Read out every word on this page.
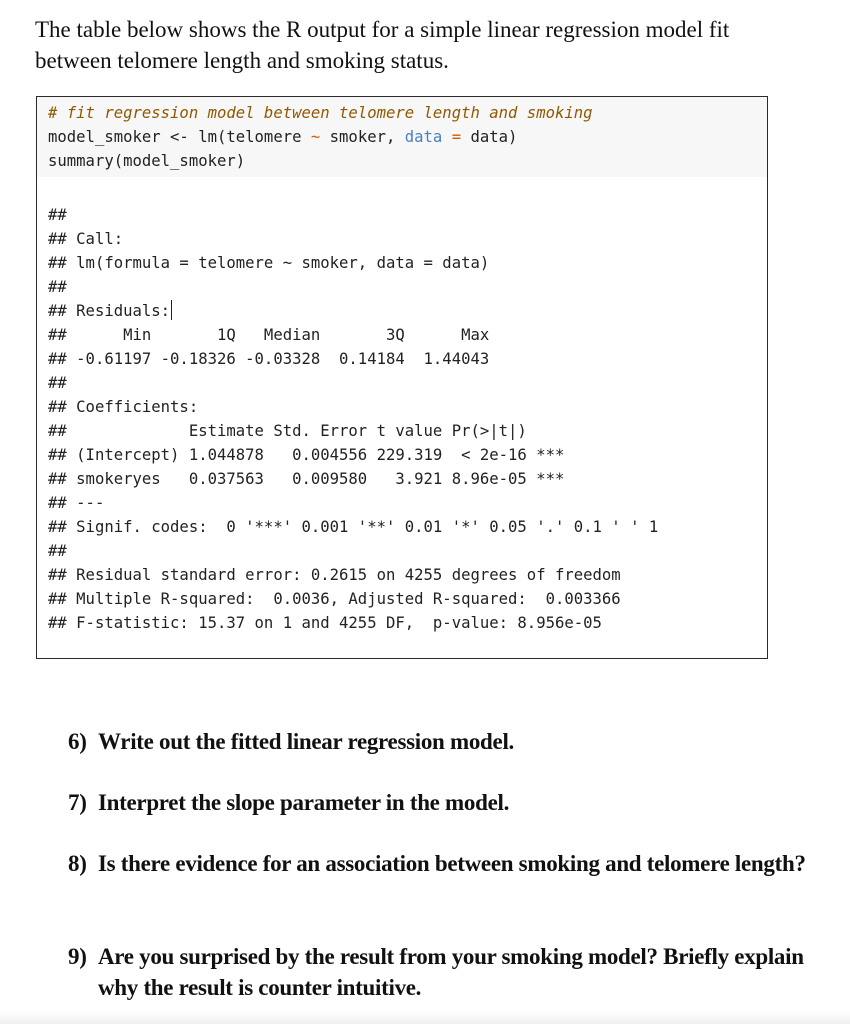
The table below shows the R output for a simple linear regression model fit
between telomere length and smoking status.

# fit regression model between telomere length and smoking
model_smoker <- lm(telomere ~ smoker, data = data)
summary(model_smoker)
##
## Call:
## lm(formula = telomere ~ smoker, data = data)
##
## Residuals:
##      Min       1Q   Median       3Q      Max
## -0.61197 -0.18326 -0.03328  0.14184  1.44043
##
## Coefficients:
##             Estimate Std. Error t value Pr(>|t|)
## (Intercept) 1.044878   0.004556 229.319  < 2e-16 ***
## smokeryes   0.037563   0.009580   3.921 8.96e-05 ***
## ---
## Signif. codes:  0 '***' 0.001 '**' 0.01 '*' 0.05 '.' 0.1 ' ' 1
##
## Residual standard error: 0.2615 on 4255 degrees of freedom
## Multiple R-squared:  0.0036, Adjusted R-squared:  0.003366
## F-statistic: 15.37 on 1 and 4255 DF,  p-value: 8.956e-05
6) Write out the fitted linear regression model.
7) Interpret the slope parameter in the model.
8) Is there evidence for an association between smoking and telomere length?
9) Are you surprised by the result from your smoking model? Briefly explain why the result is counter intuitive.
